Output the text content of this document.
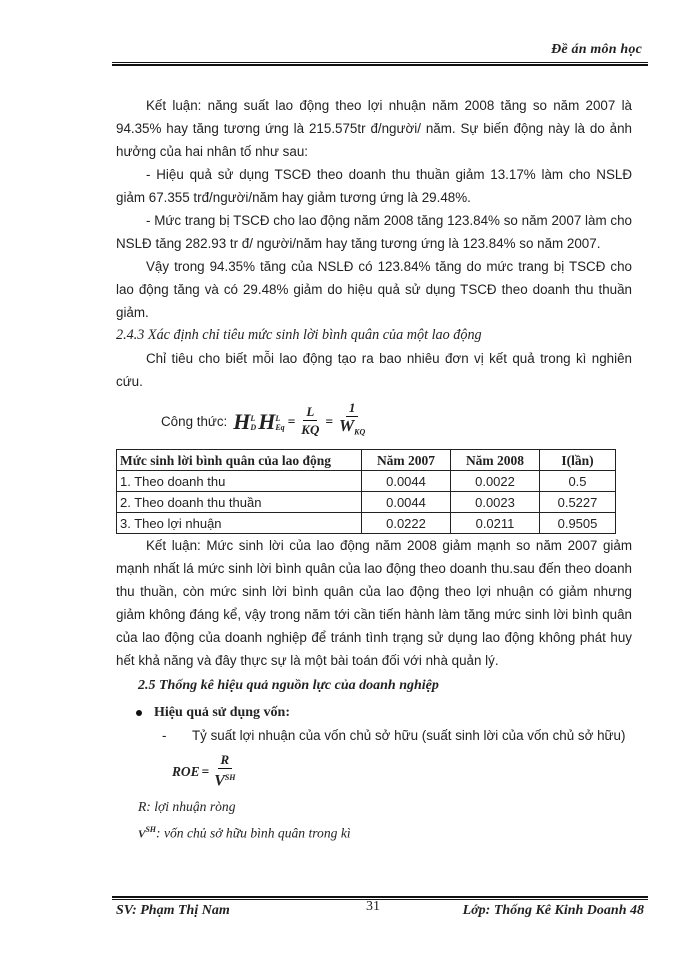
Đề án môn học

Kết luận: năng suất lao động theo lợi nhuận năm 2008 tăng so năm 2007 là 94.35% hay tăng tương ứng là 215.575tr đ/người/ năm. Sự biến động này là do ảnh hưởng của hai nhân tố như sau:

- Hiệu quả sử dụng TSCĐ theo doanh thu thuần giảm 13.17% làm cho NSLĐ giảm 67.355 trđ/người/năm hay giảm tương ứng là 29.48%.

- Mức trang bị TSCĐ cho lao động năm 2008 tăng 123.84% so năm 2007 làm cho NSLĐ tăng 282.93 tr đ/ người/năm hay tăng tương ứng là 123.84% so năm 2007.

Vậy trong 94.35% tăng của NSLĐ có 123.84% tăng do mức trang bị TSCĐ cho lao động tăng và có 29.48% giảm do hiệu quả sử dụng TSCĐ theo doanh thu thuần giảm.

2.4.3 Xác định chỉ tiêu mức sinh lời bình quân của một lao động

Chỉ tiêu cho biết mỗi lao động tạo ra bao nhiêu đơn vị kết quả trong kì nghiên cứu.

Công thức: H L
D H L
$Eq = \frac{L}{KQ} = \frac{1}{W_{KQ}}$
Mức sinh lời bình quân của lao động	Năm 2007	Năm 2008	I(lần)
1. Theo doanh thu	0.0044	0.0022	0.5
2. Theo doanh thu thuần	0.0044	0.0023	0.5227
3. Theo lợi nhuận	0.0222	0.0211	0.9505

Kết luận: Mức sinh lời của lao động năm 2008 giảm mạnh so năm 2007 giảm mạnh nhất lá mức sinh lời bình quân của lao động theo doanh thu.sau đến theo doanh thu thuần, còn mức sinh lời bình quân của lao động theo lợi nhuận có giảm nhưng giảm không đáng kể, vậy trong năm tới cần tiến hành làm tăng mức sinh lời bình quân của lao động của doanh nghiệp để tránh tình trạng sử dụng lao động không phát huy hết khả năng và đây thực sự là một bài toán đối với nhà quản lý.

2.5 Thống kê hiệu quả nguồn lực của doanh nghiệp

Hiệu quả sử dụng vốn:
-	Tỷ suất lợi nhuận của vốn chủ sở hữu (suất sinh lời của vốn chủ sở hữu)
ROE = $\frac{R}{V^{SH}}$

R: lợi nhuận ròng

$V^{SH}$: vốn chủ sở hữu bình quân trong kì

SV: Phạm Thị Nam	31	Lớp: Thống Kê Kinh Doanh 48
